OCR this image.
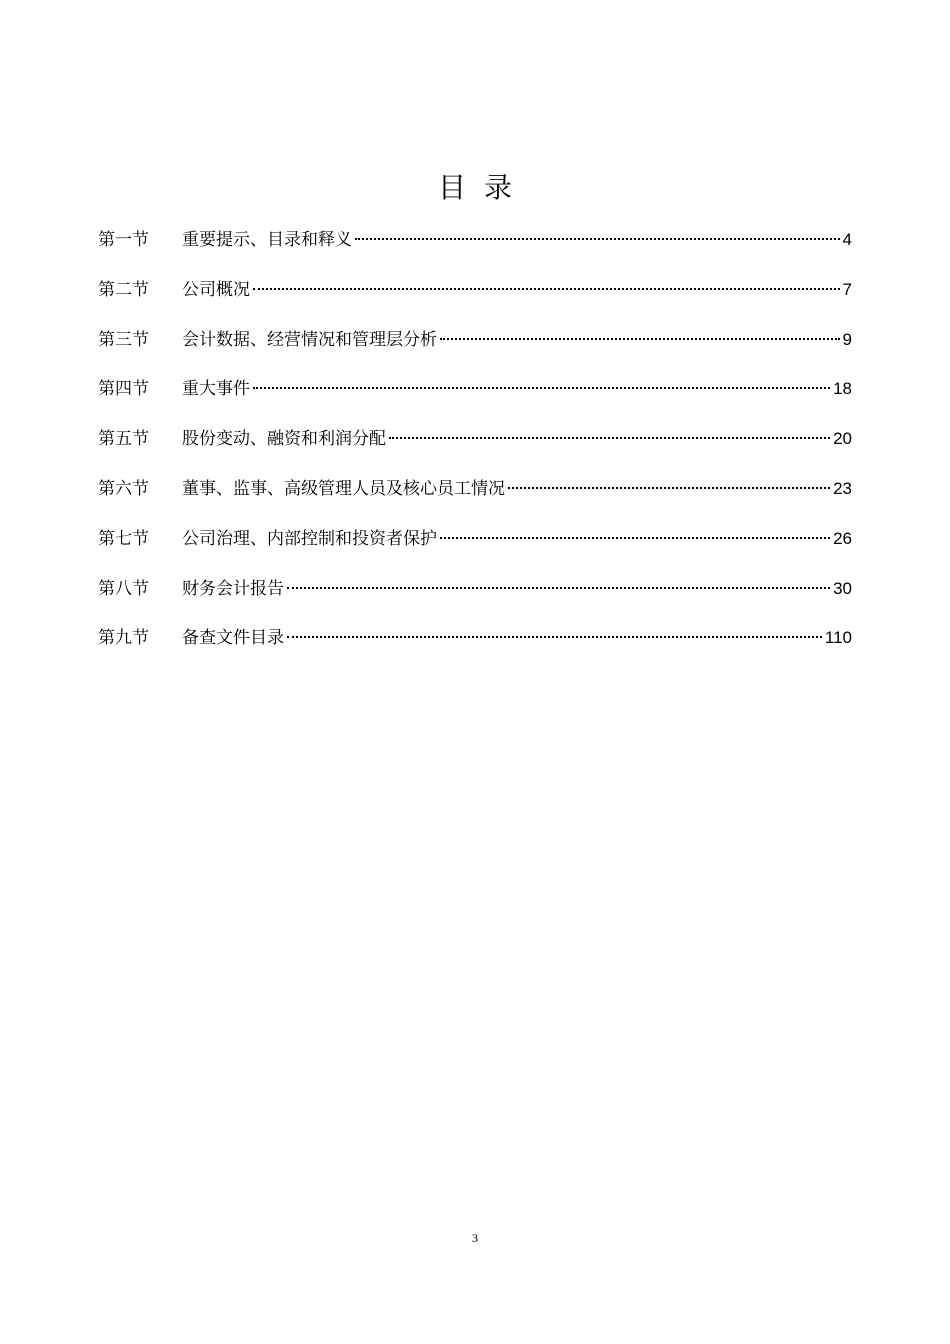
目录
第一节	重要提示、目录和释义	4
第二节	公司概况	7
第三节	会计数据、经营情况和管理层分析	9
第四节	重大事件	18
第五节	股份变动、融资和利润分配	20
第六节	董事、监事、高级管理人员及核心员工情况	23
第七节	公司治理、内部控制和投资者保护	26
第八节	财务会计报告	30
第九节	备查文件目录	110
3
